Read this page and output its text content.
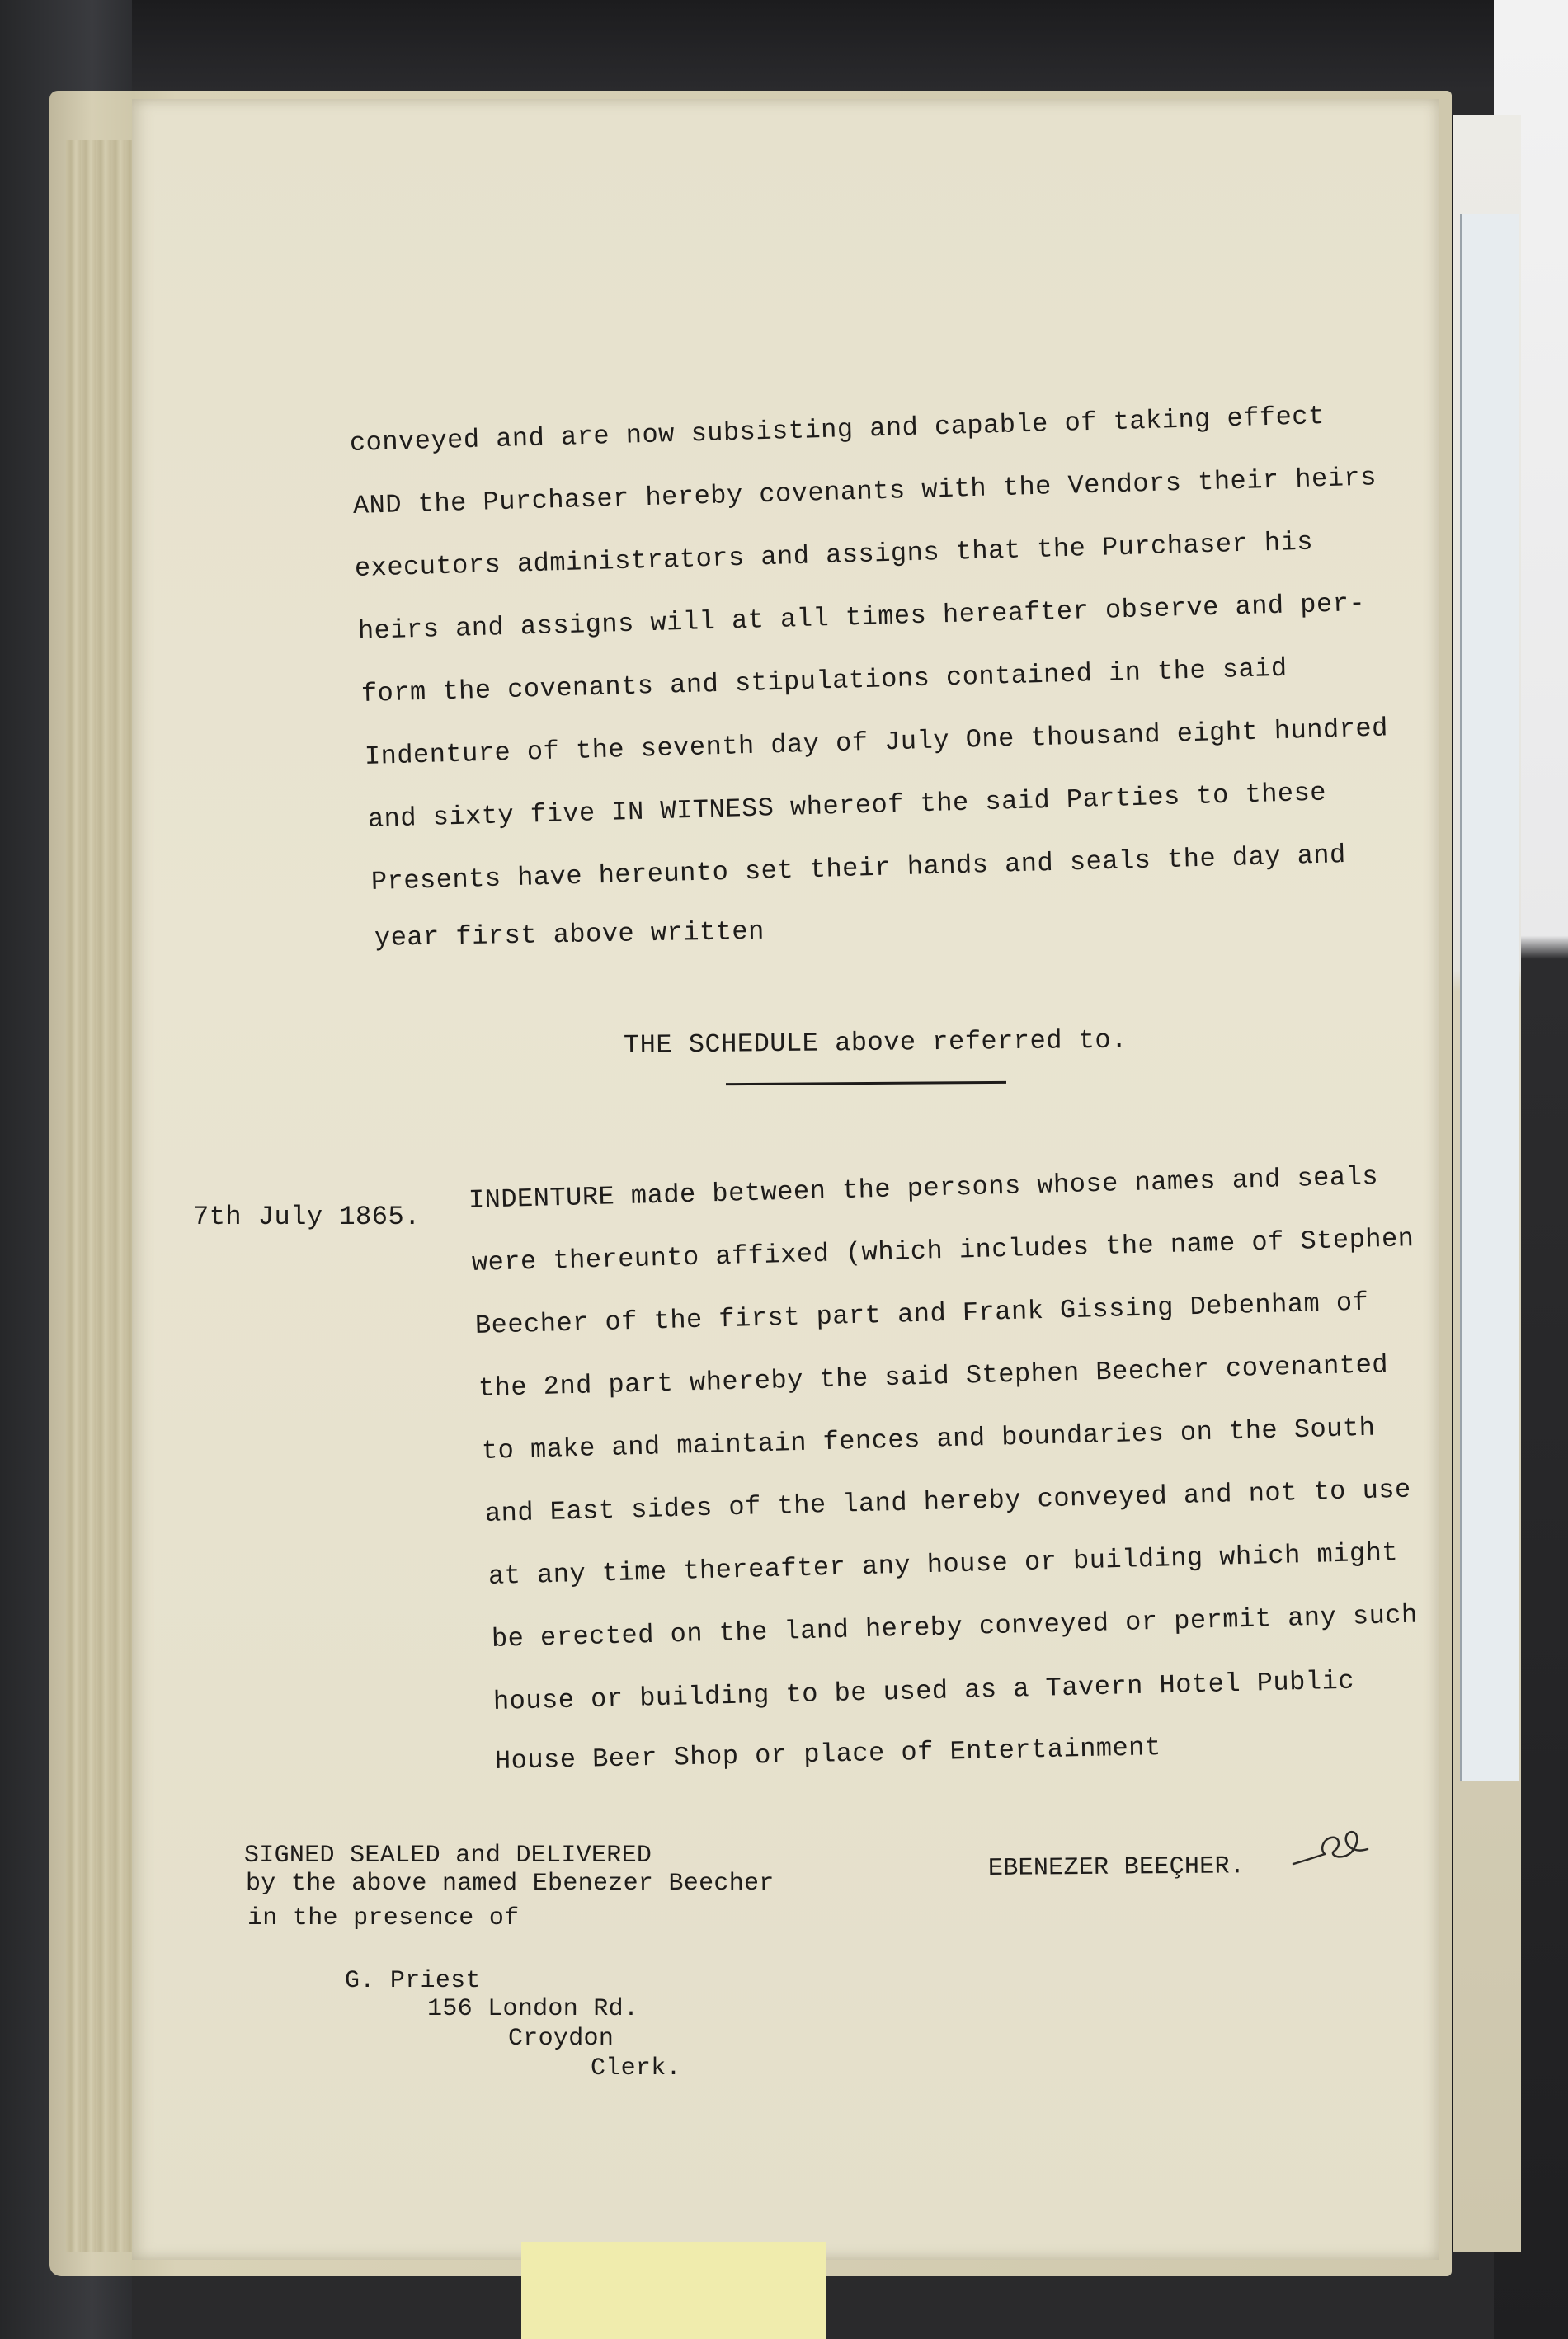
conveyed and are now subsisting and capable of taking effect
AND the Purchaser hereby covenants with the Vendors their heirs
executors administrators and assigns that the Purchaser his
heirs and assigns will at all times hereafter observe and per-
form the covenants and stipulations contained in the said
Indenture of the seventh day of July One thousand eight hundred
and sixty five IN WITNESS whereof the said Parties to these
Presents have hereunto set their hands and seals the day and
year first above written
THE SCHEDULE above referred to.
7th July 1865.
INDENTURE made between the persons whose names and seals
were thereunto affixed (which includes the name of Stephen
Beecher of the first part and Frank Gissing Debenham of
the 2nd part whereby the said Stephen Beecher covenanted
to make and maintain fences and boundaries on the South
and East sides of the land hereby conveyed and not to use
at any time thereafter any house or building which might
be erected on the land hereby conveyed or permit any such
house or building to be used as a Tavern Hotel Public
House Beer Shop or place of Entertainment
SIGNED SEALED and DELIVERED
by the above named Ebenezer Beecher
in the presence of
EBENEZER BEEÇHER.
G. Priest
156 London Rd.
Croydon
Clerk.
